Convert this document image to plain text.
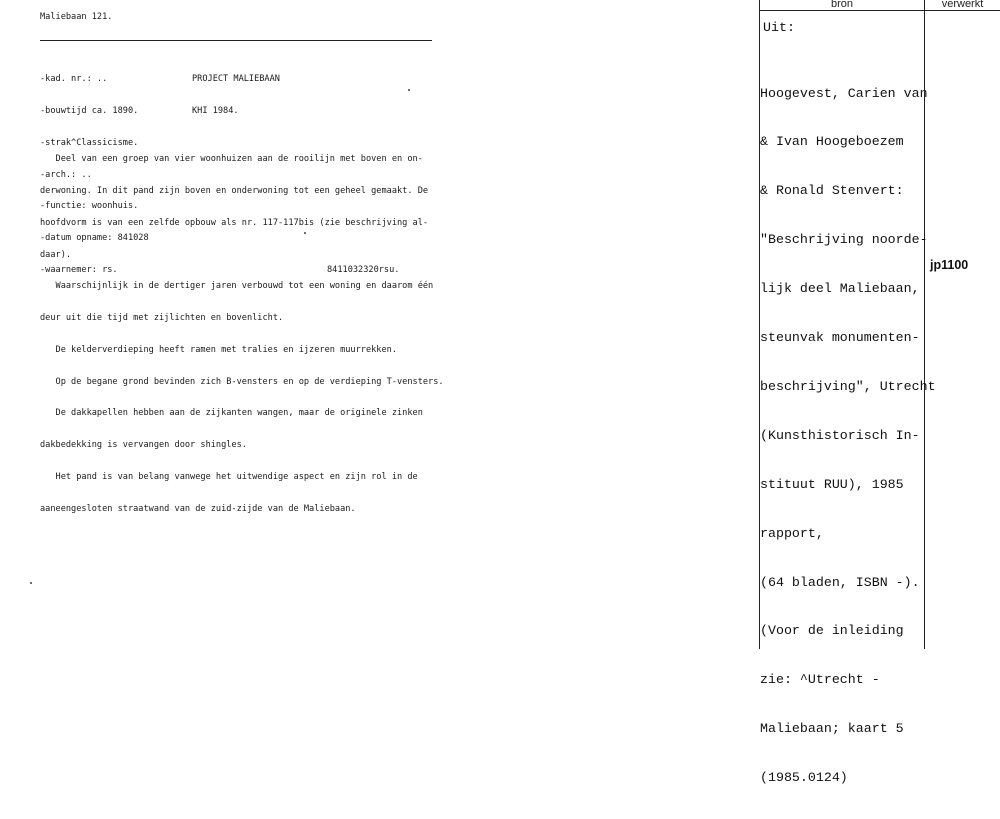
Maliebaan 121.

-kad. nr.: ..

-bouwtijd ca. 1890.

-strak^Classicisme.

-arch.: ..

-functie: woonhuis.

-datum opname: 841028

-waarnemer: rs.

PROJECT MALIEBAAN

KHI 1984.

Deel van een groep van vier woonhuizen aan de rooilijn met boven en on-

derwoning. In dit pand zijn boven en onderwoning tot een geheel gemaakt. De

hoofdvorm is van een zelfde opbouw als nr. 117-117bis (zie beschrijving al-

daar).

Waarschijnlijk in de dertiger jaren verbouwd tot een woning en daarom één

deur uit die tijd met zijlichten en bovenlicht.

De kelderverdieping heeft ramen met tralies en ijzeren muurrekken.

Op de begane grond bevinden zich B-vensters en op de verdieping T-vensters.

De dakkapellen hebben aan de zijkanten wangen, maar de originele zinken

dakbedekking is vervangen door shingles.

Het pand is van belang vanwege het uitwendige aspect en zijn rol in de

aaneengesloten straatwand van de zuid-zijde van de Maliebaan.

8411032320rsu.
bron	verwerkt
Uit:

Hoogevest, Carien van

& Ivan Hoogeboezem

& Ronald Stenvert:

"Beschrijving noorde-

lijk deel Maliebaan,

steunvak monumenten-

beschrijving", Utrecht

(Kunsthistorisch In-

stituut RUU), 1985

rapport,

(64 bladen, ISBN -).

(Voor de inleiding

zie: ^Utrecht -

Maliebaan; kaart 5

(1985.0124)

jp1100
